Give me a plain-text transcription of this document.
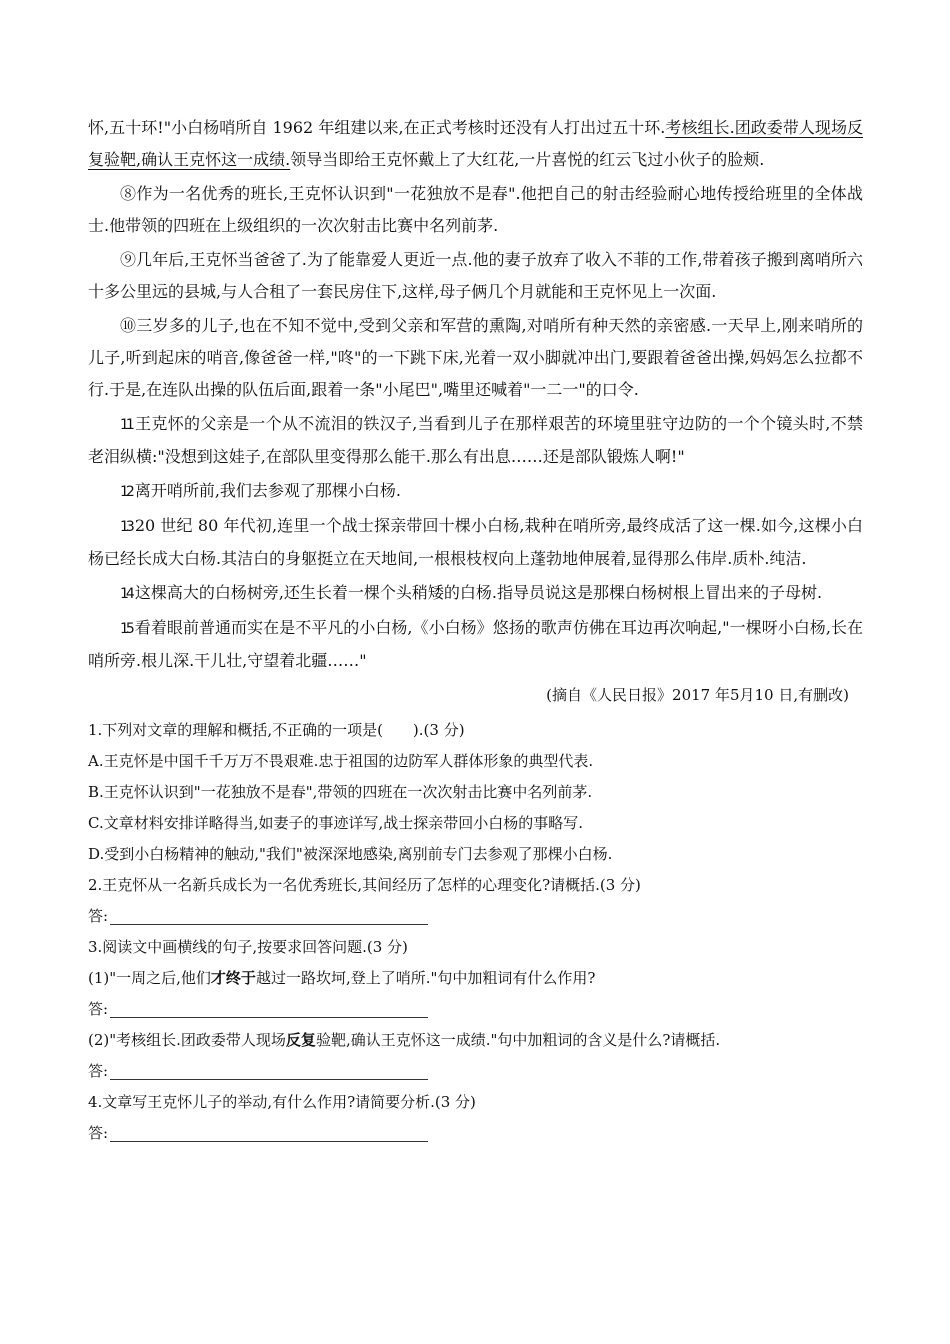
怀,五十环!"小白杨哨所自 1962 年组建以来,在正式考核时还没有人打出过五十环.考核组长.团政委带人现场反复验靶,确认王克怀这一成绩.领导当即给王克怀戴上了大红花,一片喜悦的红云飞过小伙子的脸颊.

⑧作为一名优秀的班长,王克怀认识到"一花独放不是春".他把自己的射击经验耐心地传授给班里的全体战士.他带领的四班在上级组织的一次次射击比赛中名列前茅.

⑨几年后,王克怀当爸爸了.为了能靠爱人更近一点.他的妻子放弃了收入不菲的工作,带着孩子搬到离哨所六十多公里远的县城,与人合租了一套民房住下,这样,母子俩几个月就能和王克怀见上一次面.

⑩三岁多的儿子,也在不知不觉中,受到父亲和军营的熏陶,对哨所有种天然的亲密感.一天早上,刚来哨所的儿子,听到起床的哨音,像爸爸一样,"咚"的一下跳下床,光着一双小脚就冲出门,要跟着爸爸出操,妈妈怎么拉都不行.于是,在连队出操的队伍后面,跟着一条"小尾巴",嘴里还喊着"一二一"的口令.

11 王克怀的父亲是一个从不流泪的铁汉子,当看到儿子在那样艰苦的环境里驻守边防的一个个镜头时,不禁老泪纵横:"没想到这娃子,在部队里变得那么能干.那么有出息……还是部队锻炼人啊!"

12 离开哨所前,我们去参观了那棵小白杨.

13 20 世纪 80 年代初,连里一个战士探亲带回十棵小白杨,栽种在哨所旁,最终成活了这一棵.如今,这棵小白杨已经长成大白杨.其洁白的身躯挺立在天地间,一根根枝杈向上蓬勃地伸展着,显得那么伟岸.质朴.纯洁.

14 这棵高大的白杨树旁,还生长着一棵个头稍矮的白杨.指导员说这是那棵白杨树根上冒出来的子母树.

15 看着眼前普通而实在是不平凡的小白杨,《小白杨》悠扬的歌声仿佛在耳边再次响起,"一棵呀小白杨,长在哨所旁.根儿深.干儿壮,守望着北疆……"

(摘自《人民日报》2017 年5月10 日,有删改)

1.下列对文章的理解和概括,不正确的一项是(　　).(3 分)

A.王克怀是中国千千万万不畏艰难.忠于祖国的边防军人群体形象的典型代表.

B.王克怀认识到"一花独放不是春",带领的四班在一次次射击比赛中名列前茅.

C.文章材料安排详略得当,如妻子的事迹详写,战士探亲带回小白杨的事略写.

D.受到小白杨精神的触动,"我们"被深深地感染,离别前专门去参观了那棵小白杨.

2.王克怀从一名新兵成长为一名优秀班长,其间经历了怎样的心理变化?请概括.(3 分)

答:

3.阅读文中画横线的句子,按要求回答问题.(3 分)

(1)"一周之后,他们才终于越过一路坎坷,登上了哨所."句中加粗词有什么作用?

答:

(2)"考核组长.团政委带人现场反复验靶,确认王克怀这一成绩."句中加粗词的含义是什么?请概括.

答:

4.文章写王克怀儿子的举动,有什么作用?请简要分析.(3 分)

答:
